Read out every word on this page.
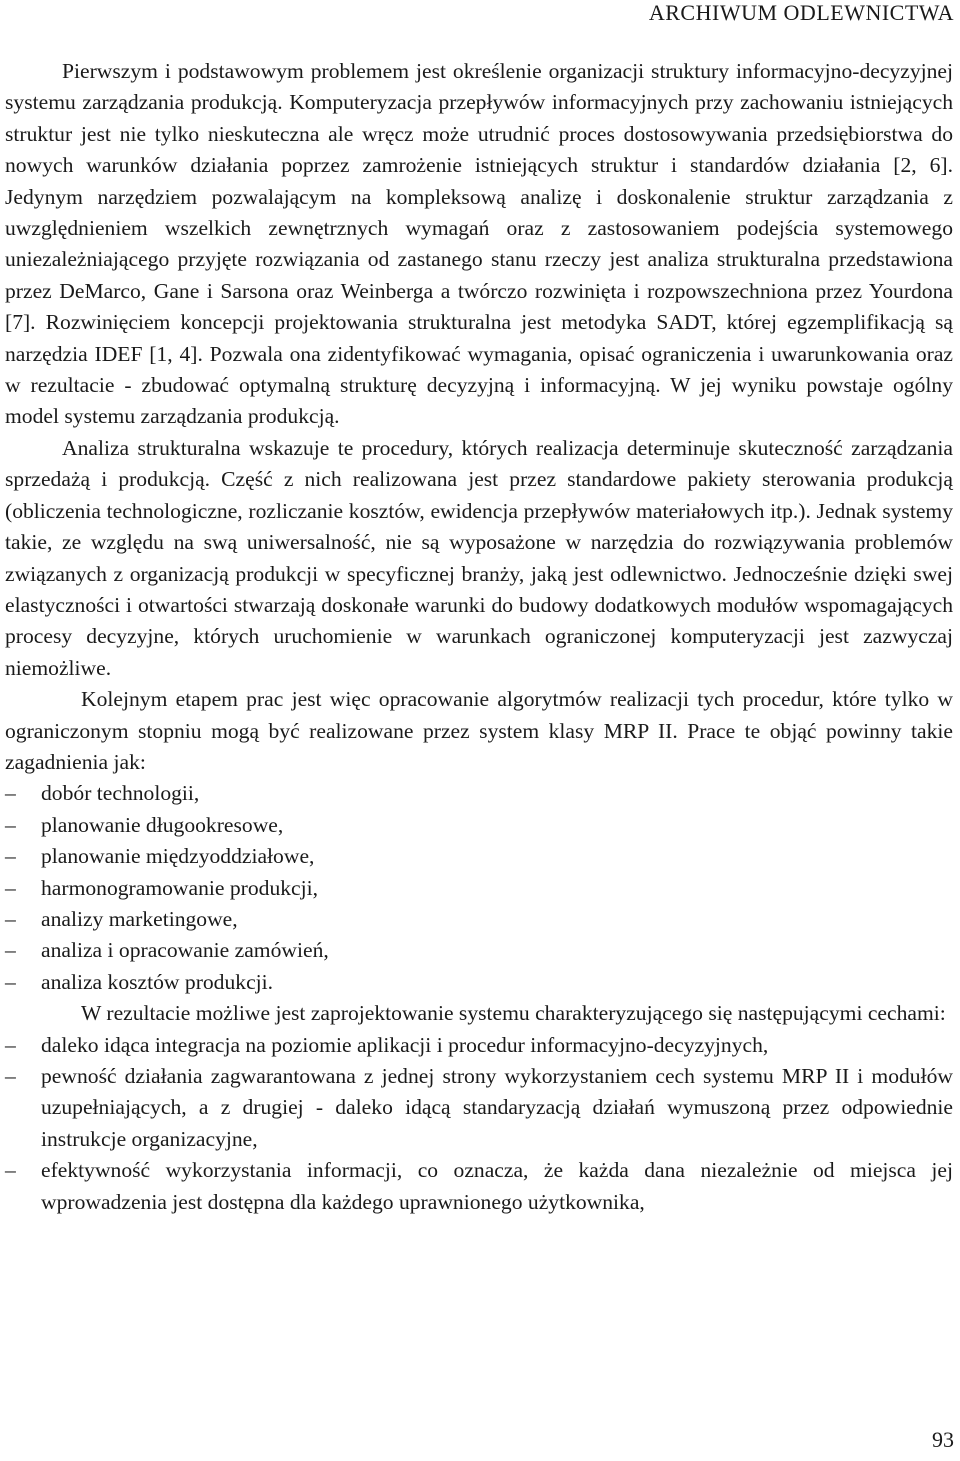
ARCHIWUM ODLEWNICTWA

Pierwszym i podstawowym problemem jest określenie organizacji struktury informacyjno-decyzyjnej systemu zarządzania produkcją. Komputeryzacja przepływów informacyjnych przy zachowaniu istniejących struktur jest nie tylko nieskuteczna ale wręcz może utrudnić proces dostosowywania przedsiębiorstwa do nowych warunków działania poprzez zamrożenie istniejących struktur i standardów działania [2, 6]. Jedynym narzędziem pozwalającym na kompleksową analizę i doskonalenie struktur zarządzania z uwzględnieniem wszelkich zewnętrznych wymagań oraz z zastosowaniem podejścia systemowego uniezależniającego przyjęte rozwiązania od zastanego stanu rzeczy jest analiza strukturalna przedstawiona przez DeMarco, Gane i Sarsona oraz Weinberga a twórczo rozwinięta i rozpowszechniona przez Yourdona [7]. Rozwinięciem koncepcji projektowania strukturalna jest metodyka SADT, której egzemplifikacją są narzędzia IDEF [1, 4]. Pozwala ona zidentyfikować wymagania, opisać ograniczenia i uwarunkowania oraz w rezultacie - zbudować optymalną strukturę decyzyjną i informacyjną. W jej wyniku powstaje ogólny model systemu zarządzania produkcją.

Analiza strukturalna wskazuje te procedury, których realizacja determinuje skuteczność zarządzania sprzedażą i produkcją. Część z nich realizowana jest przez standardowe pakiety sterowania produkcją (obliczenia technologiczne, rozliczanie kosztów, ewidencja przepływów materiałowych itp.). Jednak systemy takie, ze względu na swą uniwersalność, nie są wyposażone w narzędzia do rozwiązywania problemów związanych z organizacją produkcji w specyficznej branży, jaką jest odlewnictwo. Jednocześnie dzięki swej elastyczności i otwartości stwarzają doskonałe warunki do budowy dodatkowych modułów wspomagających procesy decyzyjne, których uruchomienie w warunkach ograniczonej komputeryzacji jest zazwyczaj niemożliwe.

Kolejnym etapem prac jest więc opracowanie algorytmów realizacji tych procedur, które tylko w ograniczonym stopniu mogą być realizowane przez system klasy MRP II. Prace te objąć powinny takie zagadnienia jak:

–	dobór technologii,
–	planowanie długookresowe,
–	planowanie międzyoddziałowe,
–	harmonogramowanie produkcji,
–	analizy marketingowe,
–	analiza i opracowanie zamówień,
–	analiza kosztów produkcji.

W rezultacie możliwe jest zaprojektowanie systemu charakteryzującego się następującymi cechami:

–	daleko idąca integracja na poziomie aplikacji i procedur informacyjno-decyzyjnych,
–	pewność działania zagwarantowana z jednej strony wykorzystaniem cech systemu MRP II i modułów uzupełniających, a z drugiej - daleko idącą standaryzacją działań wymuszoną przez odpowiednie instrukcje organizacyjne,
–	efektywność wykorzystania informacji, co oznacza, że każda dana niezależnie od miejsca jej wprowadzenia jest dostępna dla każdego uprawnionego użytkownika,
93
